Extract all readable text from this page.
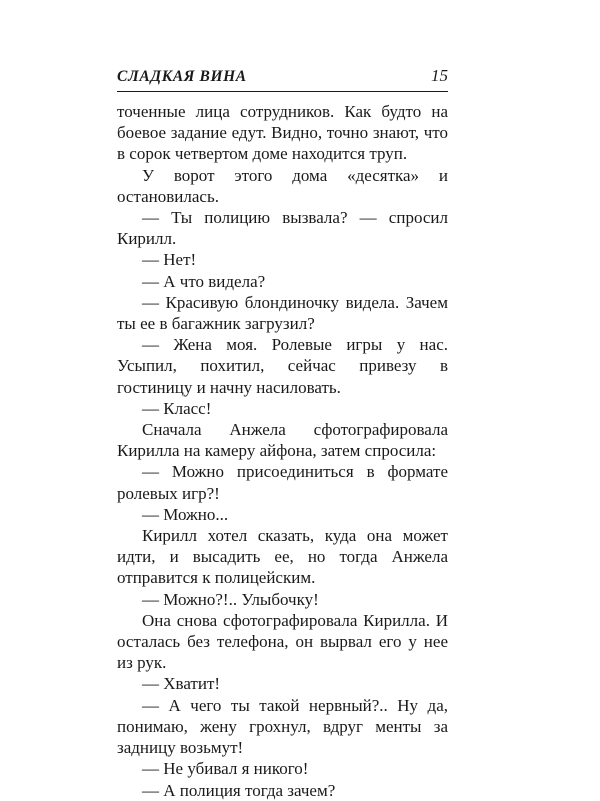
СЛАДКАЯ ВИНА	15

точенные лица сотрудников. Как будто на боевое задание едут. Видно, точно знают, что в сорок четвертом доме находится труп.

У ворот этого дома «десятка» и остановилась.

— Ты полицию вызвала? — спросил Кирилл.

— Нет!

— А что видела?

— Красивую блондиночку видела. Зачем ты ее в багажник загрузил?

— Жена моя. Ролевые игры у нас. Усыпил, похитил, сейчас привезу в гостиницу и начну насиловать.

— Класс!

Сначала Анжела сфотографировала Кирилла на камеру айфона, затем спросила:

— Можно присоединиться в формате ролевых игр?!

— Можно...

Кирилл хотел сказать, куда она может идти, и высадить ее, но тогда Анжела отправится к полицейским.

— Можно?!.. Улыбочку!

Она снова сфотографировала Кирилла. И осталась без телефона, он вырвал его у нее из рук.

— Хватит!

— А чего ты такой нервный?.. Ну да, понимаю, жену грохнул, вдруг менты за задницу возьмут!

— Не убивал я никого!

— А полиция тогда зачем?
